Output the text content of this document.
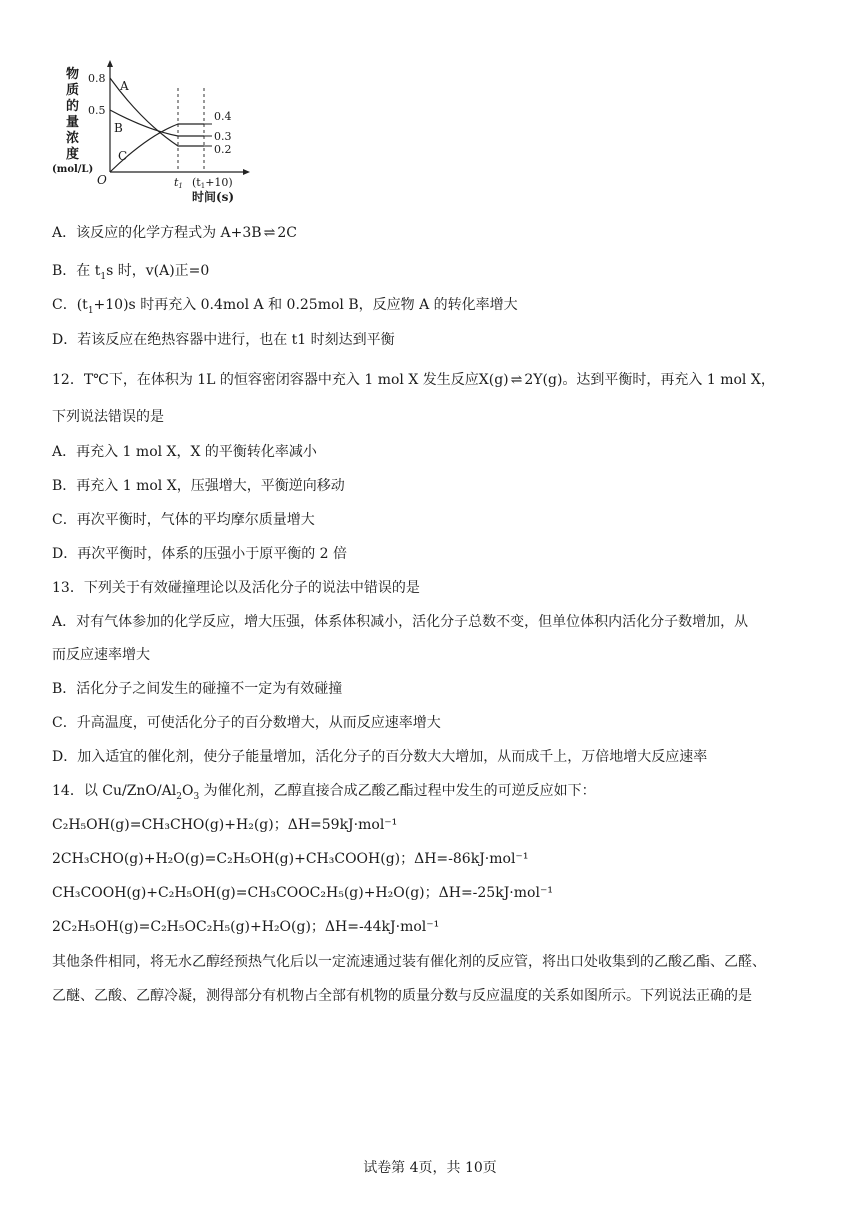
物
质
的
量
浓
度
(mol/L)
0.8
0.5
O
A
B
C
0.4
0.3
0.2
t1 (t1+10)
时间(s)
A．该反应的化学方程式为 A+3B ⇌ 2C
B．在 $t_1s$ 时，v(A)正=0
C．$(t_1+10)s$ 时再充入 0.4mol A 和 0.25mol B，反应物 A 的转化率增大
D．若该反应在绝热容器中进行，也在 t1 时刻达到平衡
12．T℃下，在体积为 1L 的恒容密闭容器中充入 1 mol X 发生反应X(g) ⇌ 2Y(g)。达到平衡时，再充入 1 mol X，
下列说法错误的是
A．再充入 1 mol X，X 的平衡转化率减小
B．再充入 1 mol X，压强增大，平衡逆向移动
C．再次平衡时，气体的平均摩尔质量增大
D．再次平衡时，体系的压强小于原平衡的 2 倍
13．下列关于有效碰撞理论以及活化分子的说法中错误的是
A．对有气体参加的化学反应，增大压强，体系体积减小，活化分子总数不变，但单位体积内活化分子数增加，从
而反应速率增大
B．活化分子之间发生的碰撞不一定为有效碰撞
C．升高温度，可使活化分子的百分数增大，从而反应速率增大
D．加入适宜的催化剂，使分子能量增加，活化分子的百分数大大增加，从而成千上，万倍地增大反应速率
14．以 $Cu/ZnO/Al_2O_3$ 为催化剂，乙醇直接合成乙酸乙酯过程中发生的可逆反应如下：
C₂H₅OH(g)=CH₃CHO(g)+H₂(g)；ΔH=59kJ·mol⁻¹
2CH₃CHO(g)+H₂O(g)=C₂H₅OH(g)+CH₃COOH(g)；ΔH=-86kJ·mol⁻¹
CH₃COOH(g)+C₂H₅OH(g)=CH₃COOC₂H₅(g)+H₂O(g)；ΔH=-25kJ·mol⁻¹
2C₂H₅OH(g)=C₂H₅OC₂H₅(g)+H₂O(g)；ΔH=-44kJ·mol⁻¹
其他条件相同，将无水乙醇经预热气化后以一定流速通过装有催化剂的反应管，将出口处收集到的乙酸乙酯、乙醛、
乙醚、乙酸、乙醇冷凝，测得部分有机物占全部有机物的质量分数与反应温度的关系如图所示。下列说法正确的是
试卷第 4页，共 10页
